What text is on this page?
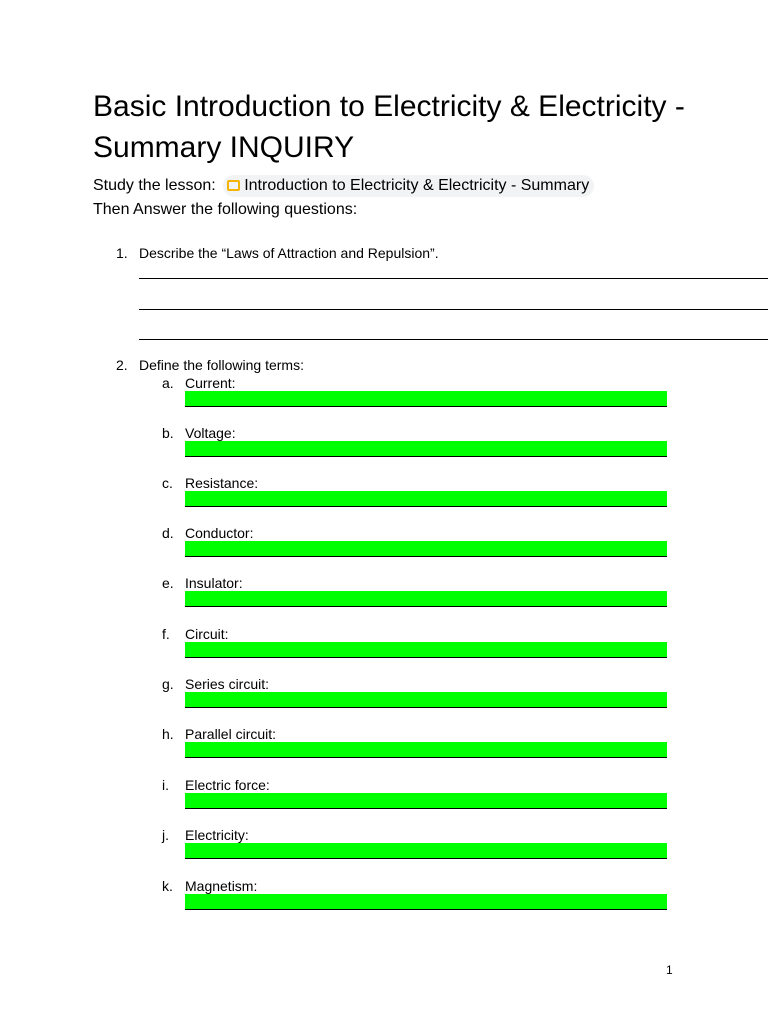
Basic Introduction to Electricity & Electricity - Summary INQUIRY
Study the lesson: Introduction to Electricity & Electricity - Summary
Then Answer the following questions:
1. Describe the “Laws of Attraction and Repulsion”.
2. Define the following terms:
a. Current:
b. Voltage:
c. Resistance:
d. Conductor:
e. Insulator:
f. Circuit:
g. Series circuit:
h. Parallel circuit:
i. Electric force:
j. Electricity:
k. Magnetism:
1
